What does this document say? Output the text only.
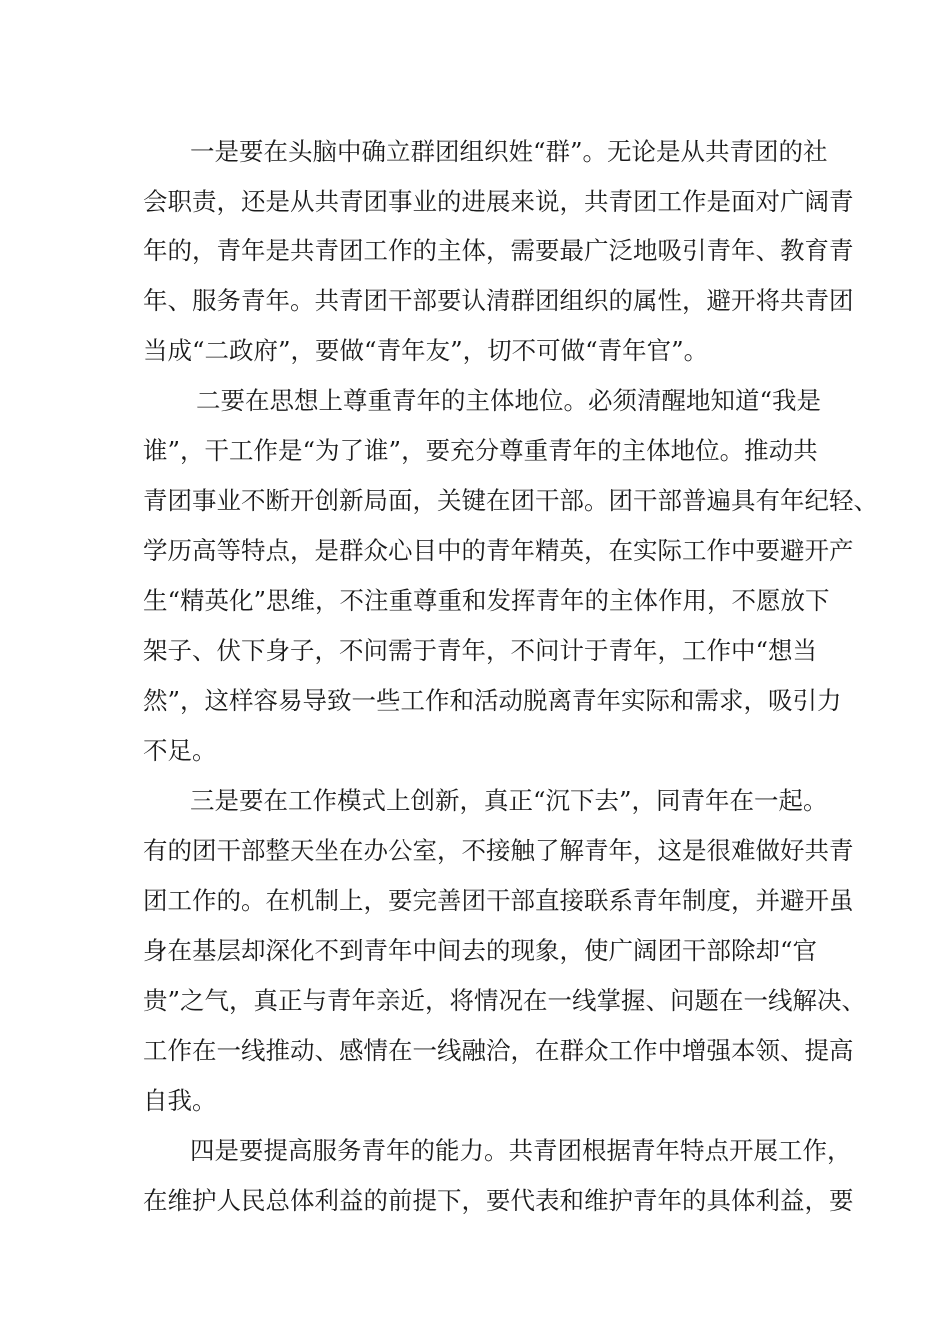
一是要在头脑中确立群团组织姓“群”。无论是从共青团的社

会职责，还是从共青团事业的进展来说，共青团工作是面对广阔青

年的，青年是共青团工作的主体，需要最广泛地吸引青年、教育青

年、服务青年。共青团干部要认清群团组织的属性，避开将共青团

当成“二政府”，要做“青年友”，切不可做“青年官”。

二要在思想上尊重青年的主体地位。必须清醒地知道“我是

谁”，干工作是“为了谁”，要充分尊重青年的主体地位。推动共

青团事业不断开创新局面，关键在团干部。团干部普遍具有年纪轻、

学历高等特点，是群众心目中的青年精英，在实际工作中要避开产

生“精英化”思维，不注重尊重和发挥青年的主体作用，不愿放下

架子、伏下身子，不问需于青年，不问计于青年，工作中“想当

然”，这样容易导致一些工作和活动脱离青年实际和需求，吸引力

不足。

三是要在工作模式上创新，真正“沉下去”，同青年在一起。

有的团干部整天坐在办公室，不接触了解青年，这是很难做好共青

团工作的。在机制上，要完善团干部直接联系青年制度，并避开虽

身在基层却深化不到青年中间去的现象，使广阔团干部除却“官

贵”之气，真正与青年亲近，将情况在一线掌握、问题在一线解决、

工作在一线推动、感情在一线融洽，在群众工作中增强本领、提高

自我。

四是要提高服务青年的能力。共青团根据青年特点开展工作，

在维护人民总体利益的前提下，要代表和维护青年的具体利益，要
